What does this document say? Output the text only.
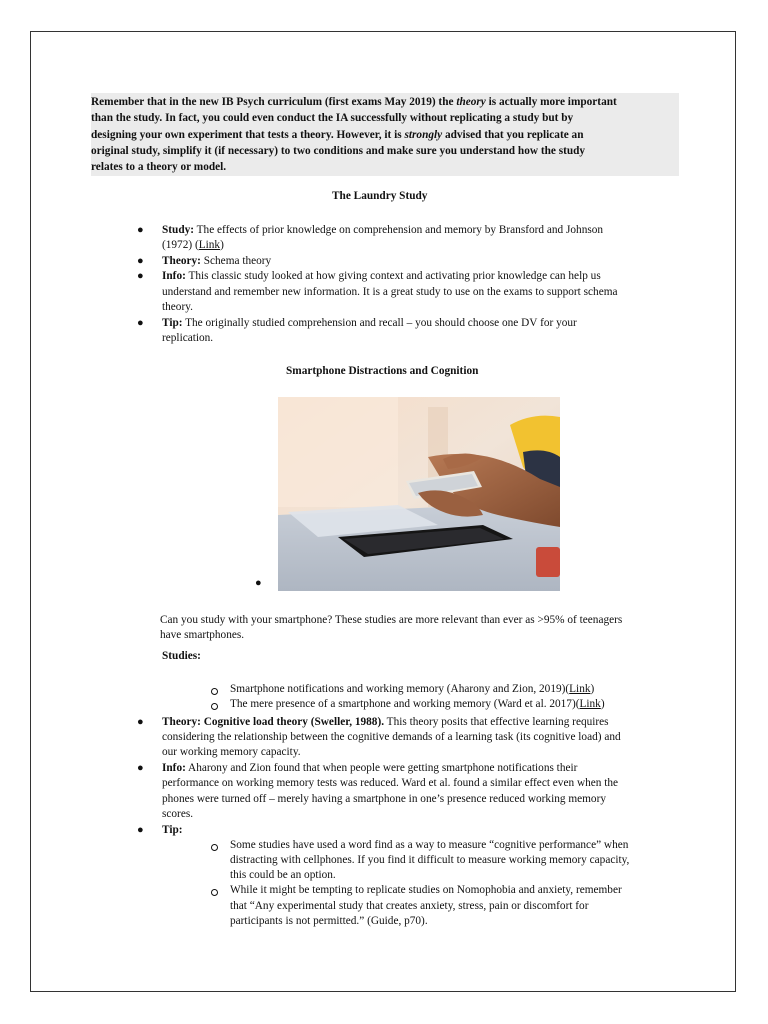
Remember that in the new IB Psych curriculum (first exams May 2019) the theory is actually more important
than the study. In fact, you could even conduct the IA successfully without replicating a study but by
designing your own experiment that tests a theory. However, it is strongly advised that you replicate an
original study, simplify it (if necessary) to two conditions and make sure you understand how the study
relates to a theory or model.
The Laundry Study
● Study: The effects of prior knowledge on comprehension and memory by Bransford and Johnson
(1972) (Link)
● Theory: Schema theory
● Info: This classic study looked at how giving context and activating prior knowledge can help us
understand and remember new information. It is a great study to use on the exams to support schema
theory.
● Tip: The originally studied comprehension and recall – you should choose one DV for your
replication.
Smartphone Distractions and Cognition
●
Can you study with your smartphone? These studies are more relevant than ever as >95% of teenagers
have smartphones.
Studies:
Smartphone notifications and working memory (Aharony and Zion, 2019)(Link)
The mere presence of a smartphone and working memory (Ward et al. 2017)(Link)
● Theory: Cognitive load theory (Sweller, 1988). This theory posits that effective learning requires
considering the relationship between the cognitive demands of a learning task (its cognitive load) and
our working memory capacity.
● Info: Aharony and Zion found that when people were getting smartphone notifications their
performance on working memory tests was reduced. Ward et al. found a similar effect even when the
phones were turned off – merely having a smartphone in one’s presence reduced working memory
scores.
● Tip:
Some studies have used a word find as a way to measure “cognitive performance” when
distracting with cellphones. If you find it difficult to measure working memory capacity,
this could be an option.
While it might be tempting to replicate studies on Nomophobia and anxiety, remember
that “Any experimental study that creates anxiety, stress, pain or discomfort for
participants is not permitted.” (Guide, p70).
